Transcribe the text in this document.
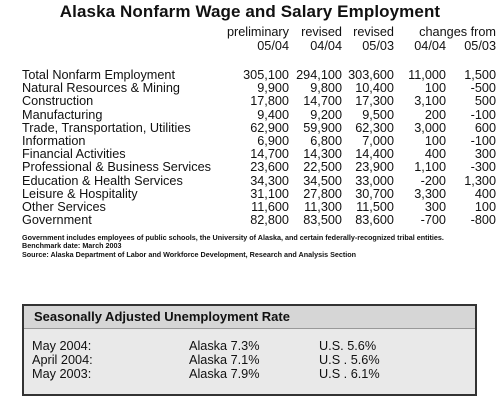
Alaska Nonfarm Wage and Salary Employment
	preliminary	revised	revised	changes from	
	05/04	04/04	05/03	04/04	05/03

Total Nonfarm Employment	305,100	294,100	303,600	11,000	1,500
Natural Resources & Mining	9,900	9,800	10,400	100	-500
Construction	17,800	14,700	17,300	3,100	500
Manufacturing	9,400	9,200	9,500	200	-100
Trade, Transportation, Utilities	62,900	59,900	62,300	3,000	600
Information	6,900	6,800	7,000	100	-100
Financial Activities	14,700	14,300	14,400	400	300
Professional & Business Services	23,600	22,500	23,900	1,100	-300
Education & Health Services	34,300	34,500	33,000	-200	1,300
Leisure & Hospitality	31,100	27,800	30,700	3,300	400
Other Services	11,600	11,300	11,500	300	100
Government	82,800	83,500	83,600	-700	-800
Seasonally Adjusted Unemployment Rate
May 2004:	Alaska 7.3%	U.S. 5.6%
April 2004:	Alaska 7.1%	U.S . 5.6%
May 2003:	Alaska 7.9%	U.S . 6.1%
Government includes employees of public schools, the University of Alaska, and certain federally-recognized tribal entities.
Benchmark date: March 2003
Source: Alaska Department of Labor and Workforce Development, Research and Analysis Section
